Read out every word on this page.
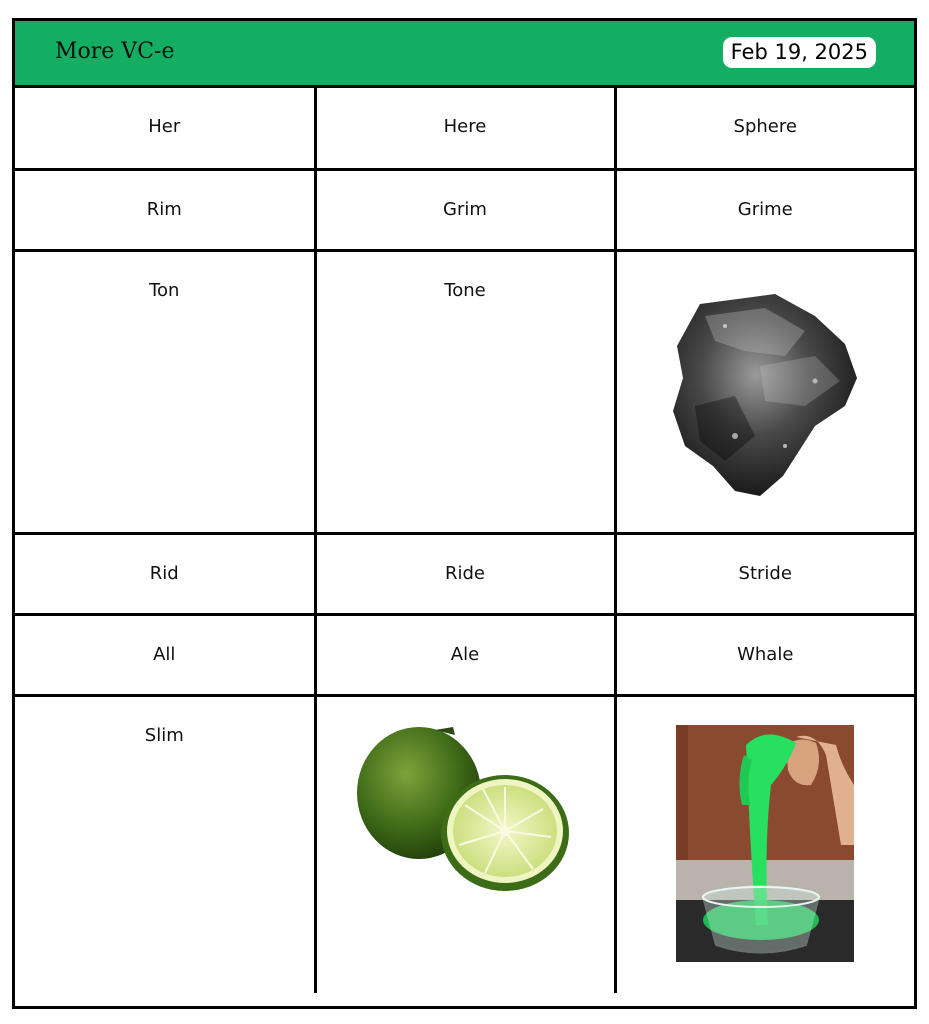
More VC-e	Feb 19, 2025
Her	Here	Sphere

Rim	Grim	Grime

Ton	Tone

Rid	Ride	Stride

All	Ale	Whale

Slim
